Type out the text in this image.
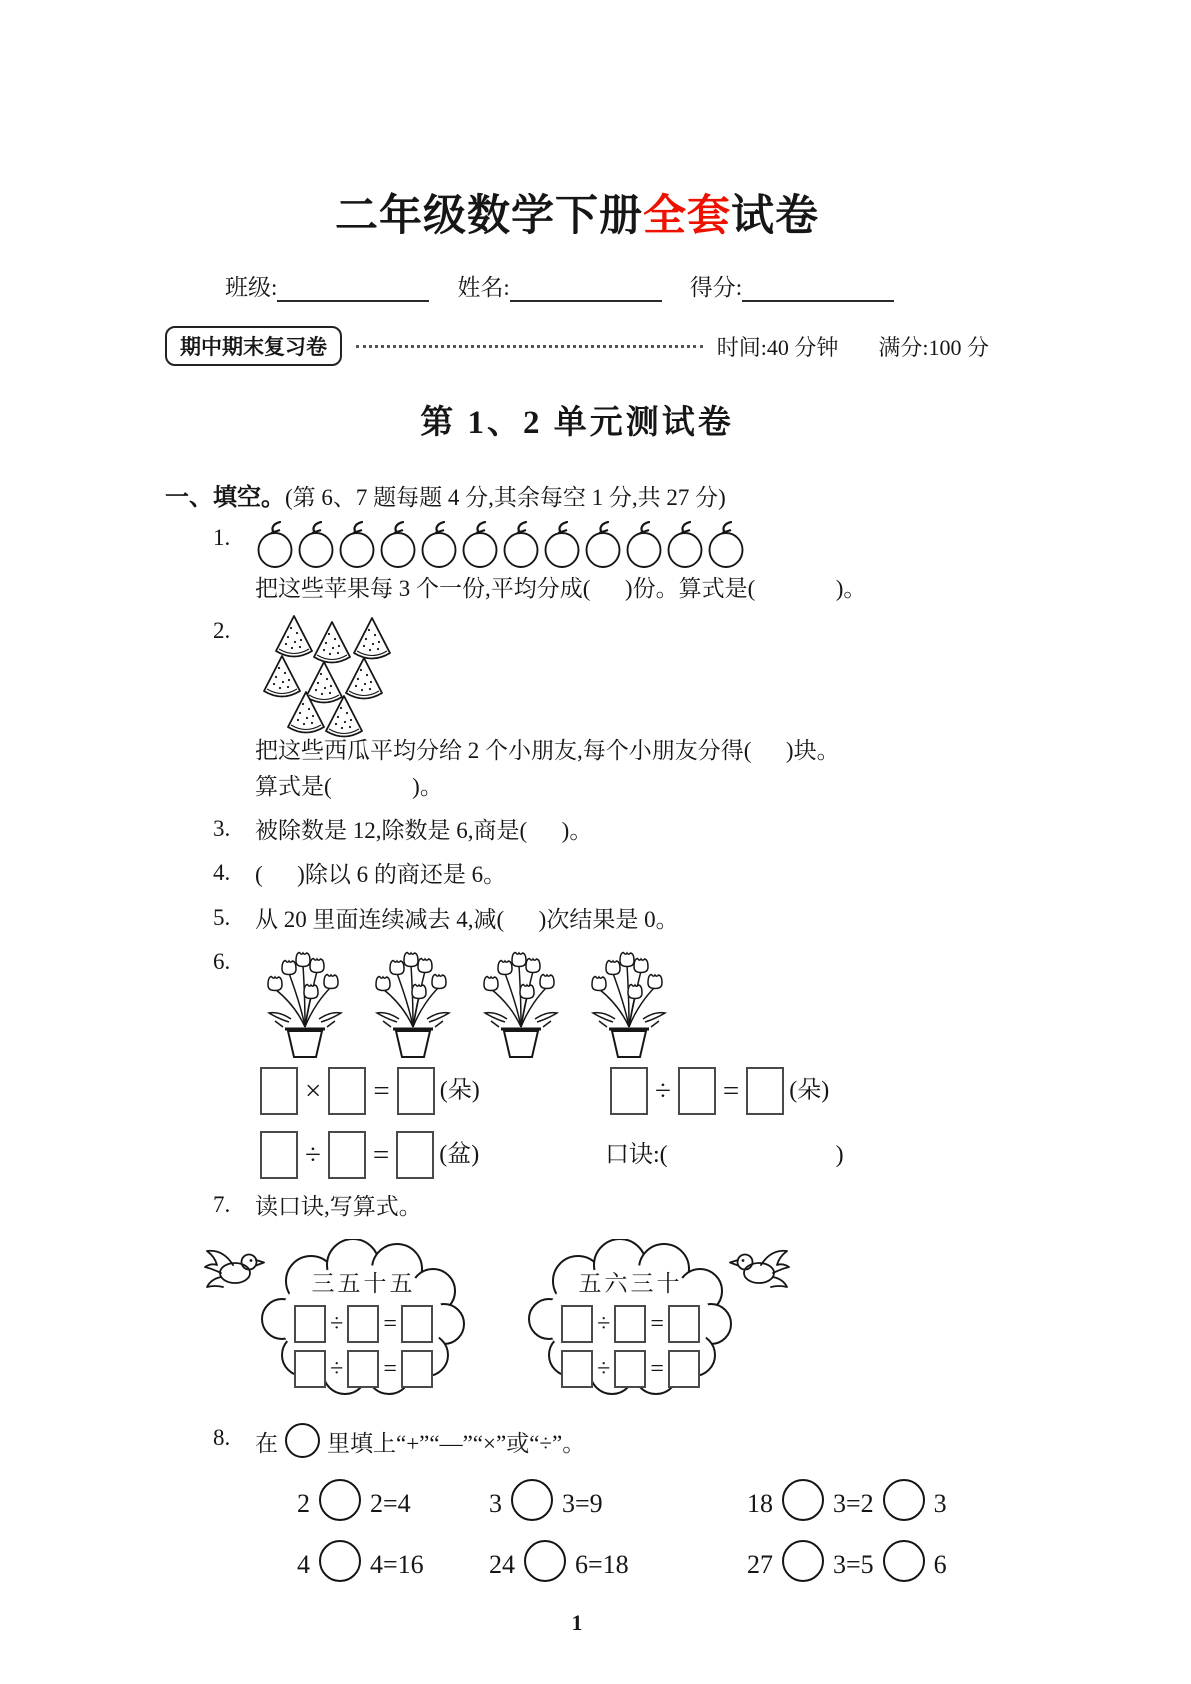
二年级数学下册全套试卷
班级:	姓名:	得分:
期中期末复习卷	时间:40 分钟 满分:100 分
第 1、2 单元测试卷
一、填空。(第 6、7 题每题 4 分,其余每空 1 分,共 27 分)
1.
把这些苹果每 3 个一份,平均分成(      )份。算式是(              )。
2.
把这些西瓜平均分给 2 个小朋友,每个小朋友分得(      )块。
算式是(              )。
3.	被除数是 12,除数是 6,商是(      )。
4.	(      )除以 6 的商还是 6。
5.	从 20 里面连续减去 4,减(      )次结果是 0。
6.
× = (朵)	÷ = (朵)
÷ = (盆)	口诀:(                            )
7.	读口诀,写算式。
三五十五
÷ =
÷ =
五六三十
÷ =
÷ =
8.	在 里填上“+”“—”“×”或“÷”。
2 2=4	3 3=9	18 3=2 3
4 4=16	24 6=18	27 3=5 6
1
